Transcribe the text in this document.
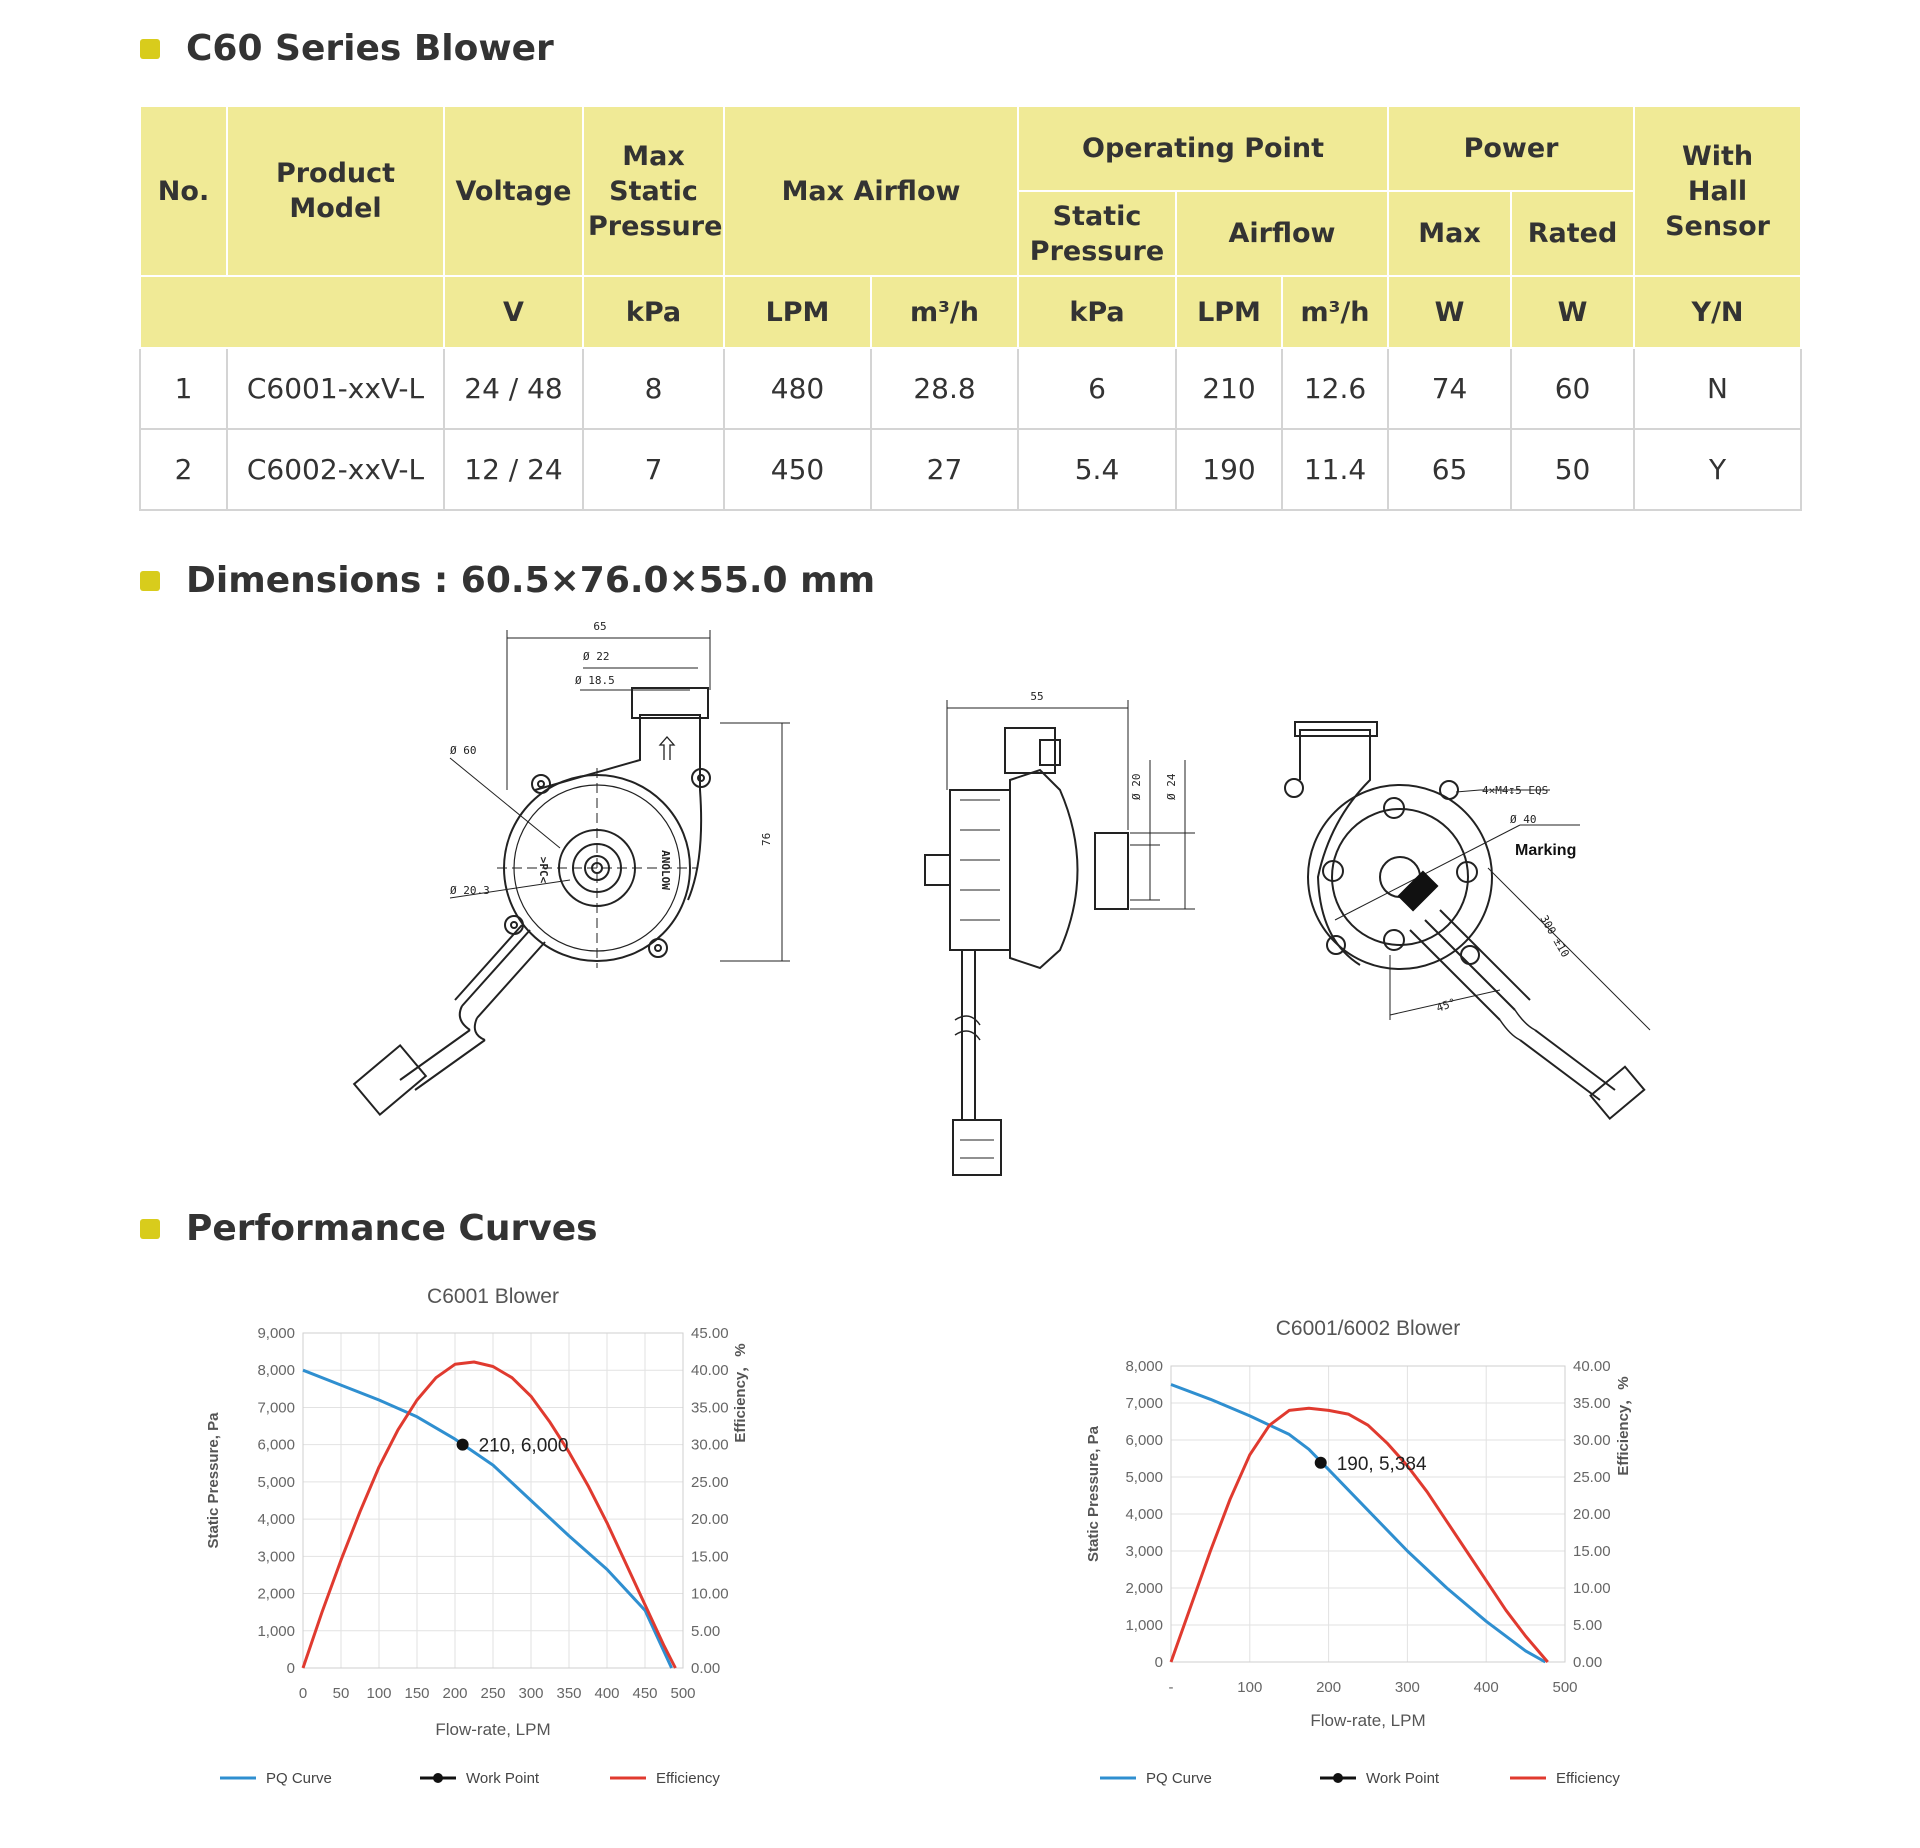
C60 Series Blower
No.	Product Model	Voltage	Max Static Pressure	Max Airflow		Operating Point			Power		With Hall Sensor
						Static Pressure	Airflow		Max	Rated	
		V	kPa	LPM	m³/h	kPa	LPM	m³/h	W	W	Y/N
1	C6001-xxV-L	24 / 48	8	480	28.8	6	210	12.6	74	60	N
2	C6002-xxV-L	12 / 24	7	450	27	5.4	190	11.4	65	50	Y
Dimensions : 60.5×76.0×55.0 mm
65
Ø 22
Ø 18.5
Ø 60
Ø 20.3
76
>PC<	ANOLOW
55
Ø 20 Ø 24	4×M4↧5 EQS
Ø 40
300 ±10
45°
Marking
Performance Curves
C6001 Blower
0 50 100 150 200 250 300 350 400 450 500
0
1,000
2,000
3,000
4,000
5,000
6,000
7,000
8,000
9,000
0.00
5.00
10.00
15.00
20.00
25.00
30.00
35.00
40.00
45.00
Flow-rate, LPM
Static Pressure, Pa
Efficiency，%
210, 6,000
PQ Curve	Work Point	Efficiency
C6001/6002 Blower
-	100	200	300	400	500
0
1,000
2,000
3,000
4,000
5,000
6,000
7,000
8,000
0.00
5.00
10.00
15.00
20.00
25.00
30.00
35.00
40.00
Flow-rate, LPM
Static Pressure, Pa
Efficiency，%
190, 5,384
PQ Curve	Work Point	Efficiency
